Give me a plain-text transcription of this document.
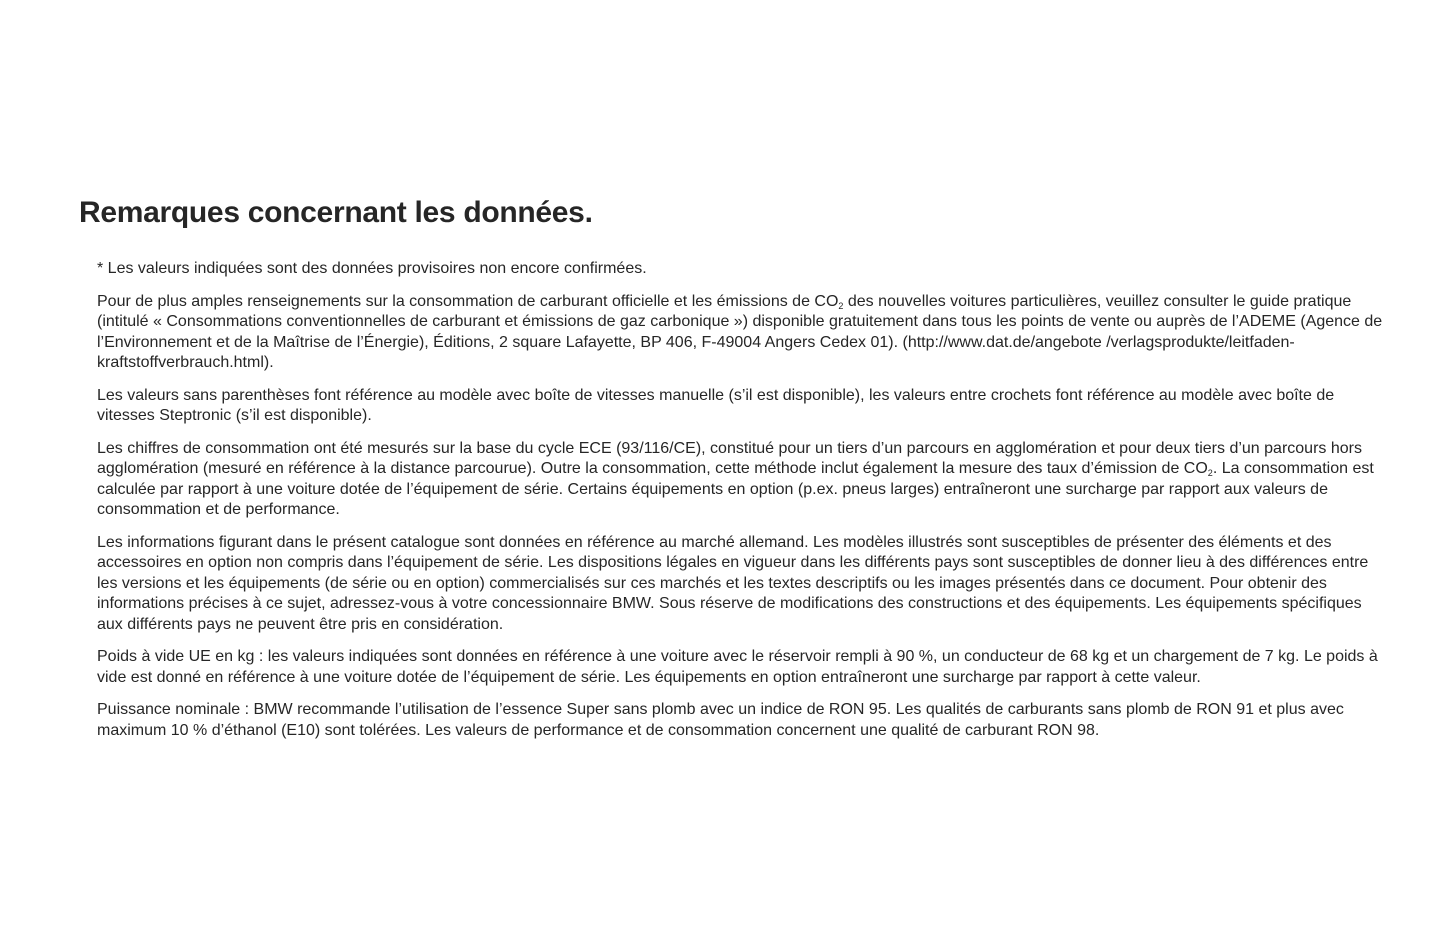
Remarques concernant les données.

* Les valeurs indiquées sont des données provisoires non encore confirmées.

Pour de plus amples renseignements sur la consommation de carburant officielle et les émissions de $CO_2$ des nouvelles voitures particulières, veuillez consulter le guide pratique (intitulé « Consommations conventionnelles de carburant et émissions de gaz carbonique ») disponible gratuitement dans tous les points de vente ou auprès de l’ADEME (Agence de l’Environnement et de la Maîtrise de l’Énergie), Éditions, 2 square Lafayette, BP 406, F-49004 Angers Cedex 01). (http://www.dat.de/angebote /verlagsprodukte/leitfaden-kraftstoffverbrauch.html).

Les valeurs sans parenthèses font référence au modèle avec boîte de vitesses manuelle (s’il est disponible), les valeurs entre crochets font référence au modèle avec boîte de vitesses Steptronic (s’il est disponible).

Les chiffres de consommation ont été mesurés sur la base du cycle ECE (93/116/CE), constitué pour un tiers d’un parcours en agglomération et pour deux tiers d’un parcours hors agglomération (mesuré en référence à la distance parcourue). Outre la consommation, cette méthode inclut également la mesure des taux d’émission de $CO_2$. La consommation est calculée par rapport à une voiture dotée de l’équipement de série. Certains équipements en option (p.ex. pneus larges) entraîneront une surcharge par rapport aux valeurs de consommation et de performance.

Les informations figurant dans le présent catalogue sont données en référence au marché allemand. Les modèles illustrés sont susceptibles de présenter des éléments et des accessoires en option non compris dans l’équipement de série. Les dispositions légales en vigueur dans les différents pays sont susceptibles de donner lieu à des différences entre les versions et les équipements (de série ou en option) commercialisés sur ces marchés et les textes descriptifs ou les images présentés dans ce document. Pour obtenir des informations précises à ce sujet, adressez-vous à votre concessionnaire BMW. Sous réserve de modifications des constructions et des équipements. Les équipements spécifiques aux différents pays ne peuvent être pris en considération.

Poids à vide UE en kg : les valeurs indiquées sont données en référence à une voiture avec le réservoir rempli à 90 %, un conducteur de 68 kg et un chargement de 7 kg. Le poids à vide est donné en référence à une voiture dotée de l’équipement de série. Les équipements en option entraîneront une surcharge par rapport à cette valeur.

Puissance nominale : BMW recommande l’utilisation de l’essence Super sans plomb avec un indice de RON 95. Les qualités de carburants sans plomb de RON 91 et plus avec maximum 10 % d’éthanol (E10) sont tolérées. Les valeurs de performance et de consommation concernent une qualité de carburant RON 98.
